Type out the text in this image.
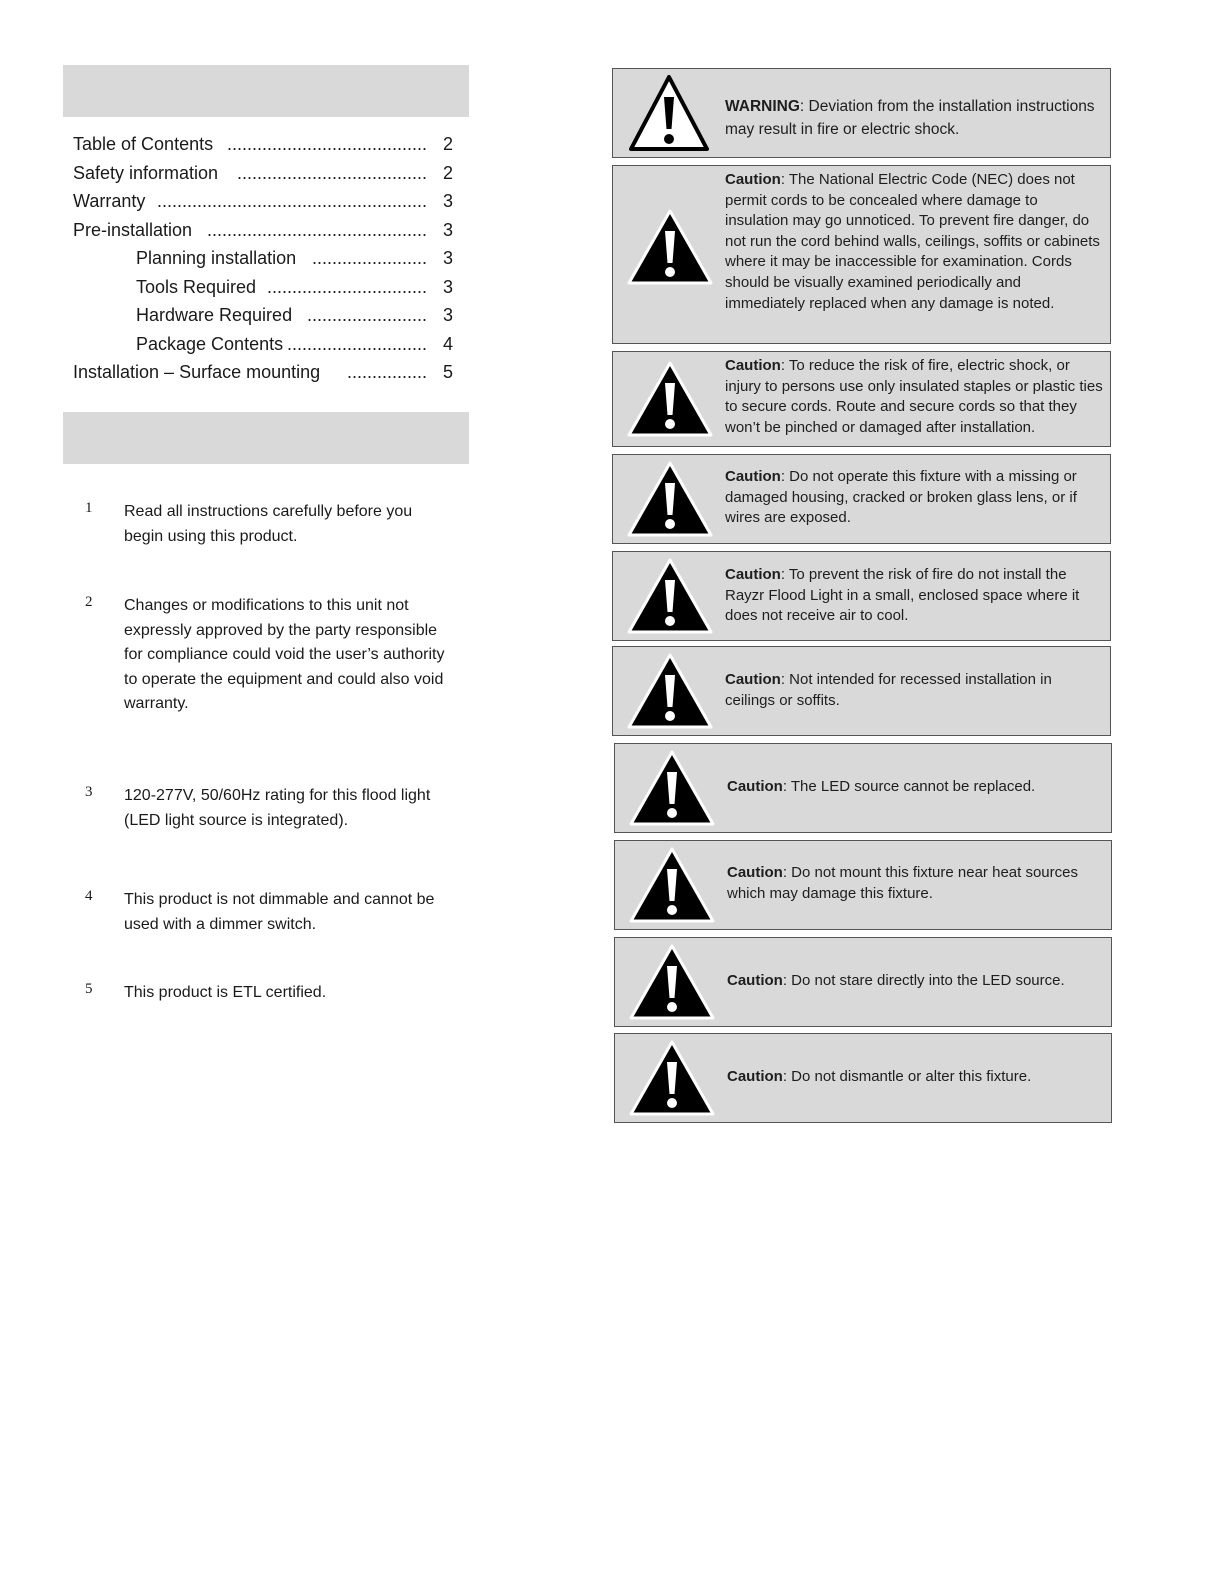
Table of Contents ........................................ 2
Safety information ...................................... 2
Warranty ...................................................... 3
Pre-installation ............................................ 3
Planning installation ....................... 3
Tools Required ................................ 3
Hardware Required ........................ 3
Package Contents ............................ 4
Installation – Surface mounting ................ 5
1 Read all instructions carefully before you begin using this product.
2 Changes or modifications to this unit not expressly approved by the party responsible for compliance could void the user’s authority to operate the equipment and could also void warranty.
3 120-277V, 50/60Hz rating for this flood light (LED light source is integrated).
4 This product is not dimmable and cannot be used with a dimmer switch.
5 This product is ETL certified.
WARNING: Deviation from the installation instructions may result in fire or electric shock.
Caution: The National Electric Code (NEC) does not permit cords to be concealed where damage to insulation may go unnoticed. To prevent fire danger, do not run the cord behind walls, ceilings, soffits or cabinets where it may be inaccessible for examination. Cords should be visually examined periodically and immediately replaced when any damage is noted.
Caution: To reduce the risk of fire, electric shock, or injury to persons use only insulated staples or plastic ties to secure cords. Route and secure cords so that they won’t be pinched or damaged after installation.
Caution: Do not operate this fixture with a missing or damaged housing, cracked or broken glass lens, or if wires are exposed.
Caution: To prevent the risk of fire do not install the Rayzr Flood Light in a small, enclosed space where it does not receive air to cool.
Caution: Not intended for recessed installation in ceilings or soffits.
Caution: The LED source cannot be replaced.
Caution: Do not mount this fixture near heat sources which may damage this fixture.
Caution: Do not stare directly into the LED source.
Caution: Do not dismantle or alter this fixture.
